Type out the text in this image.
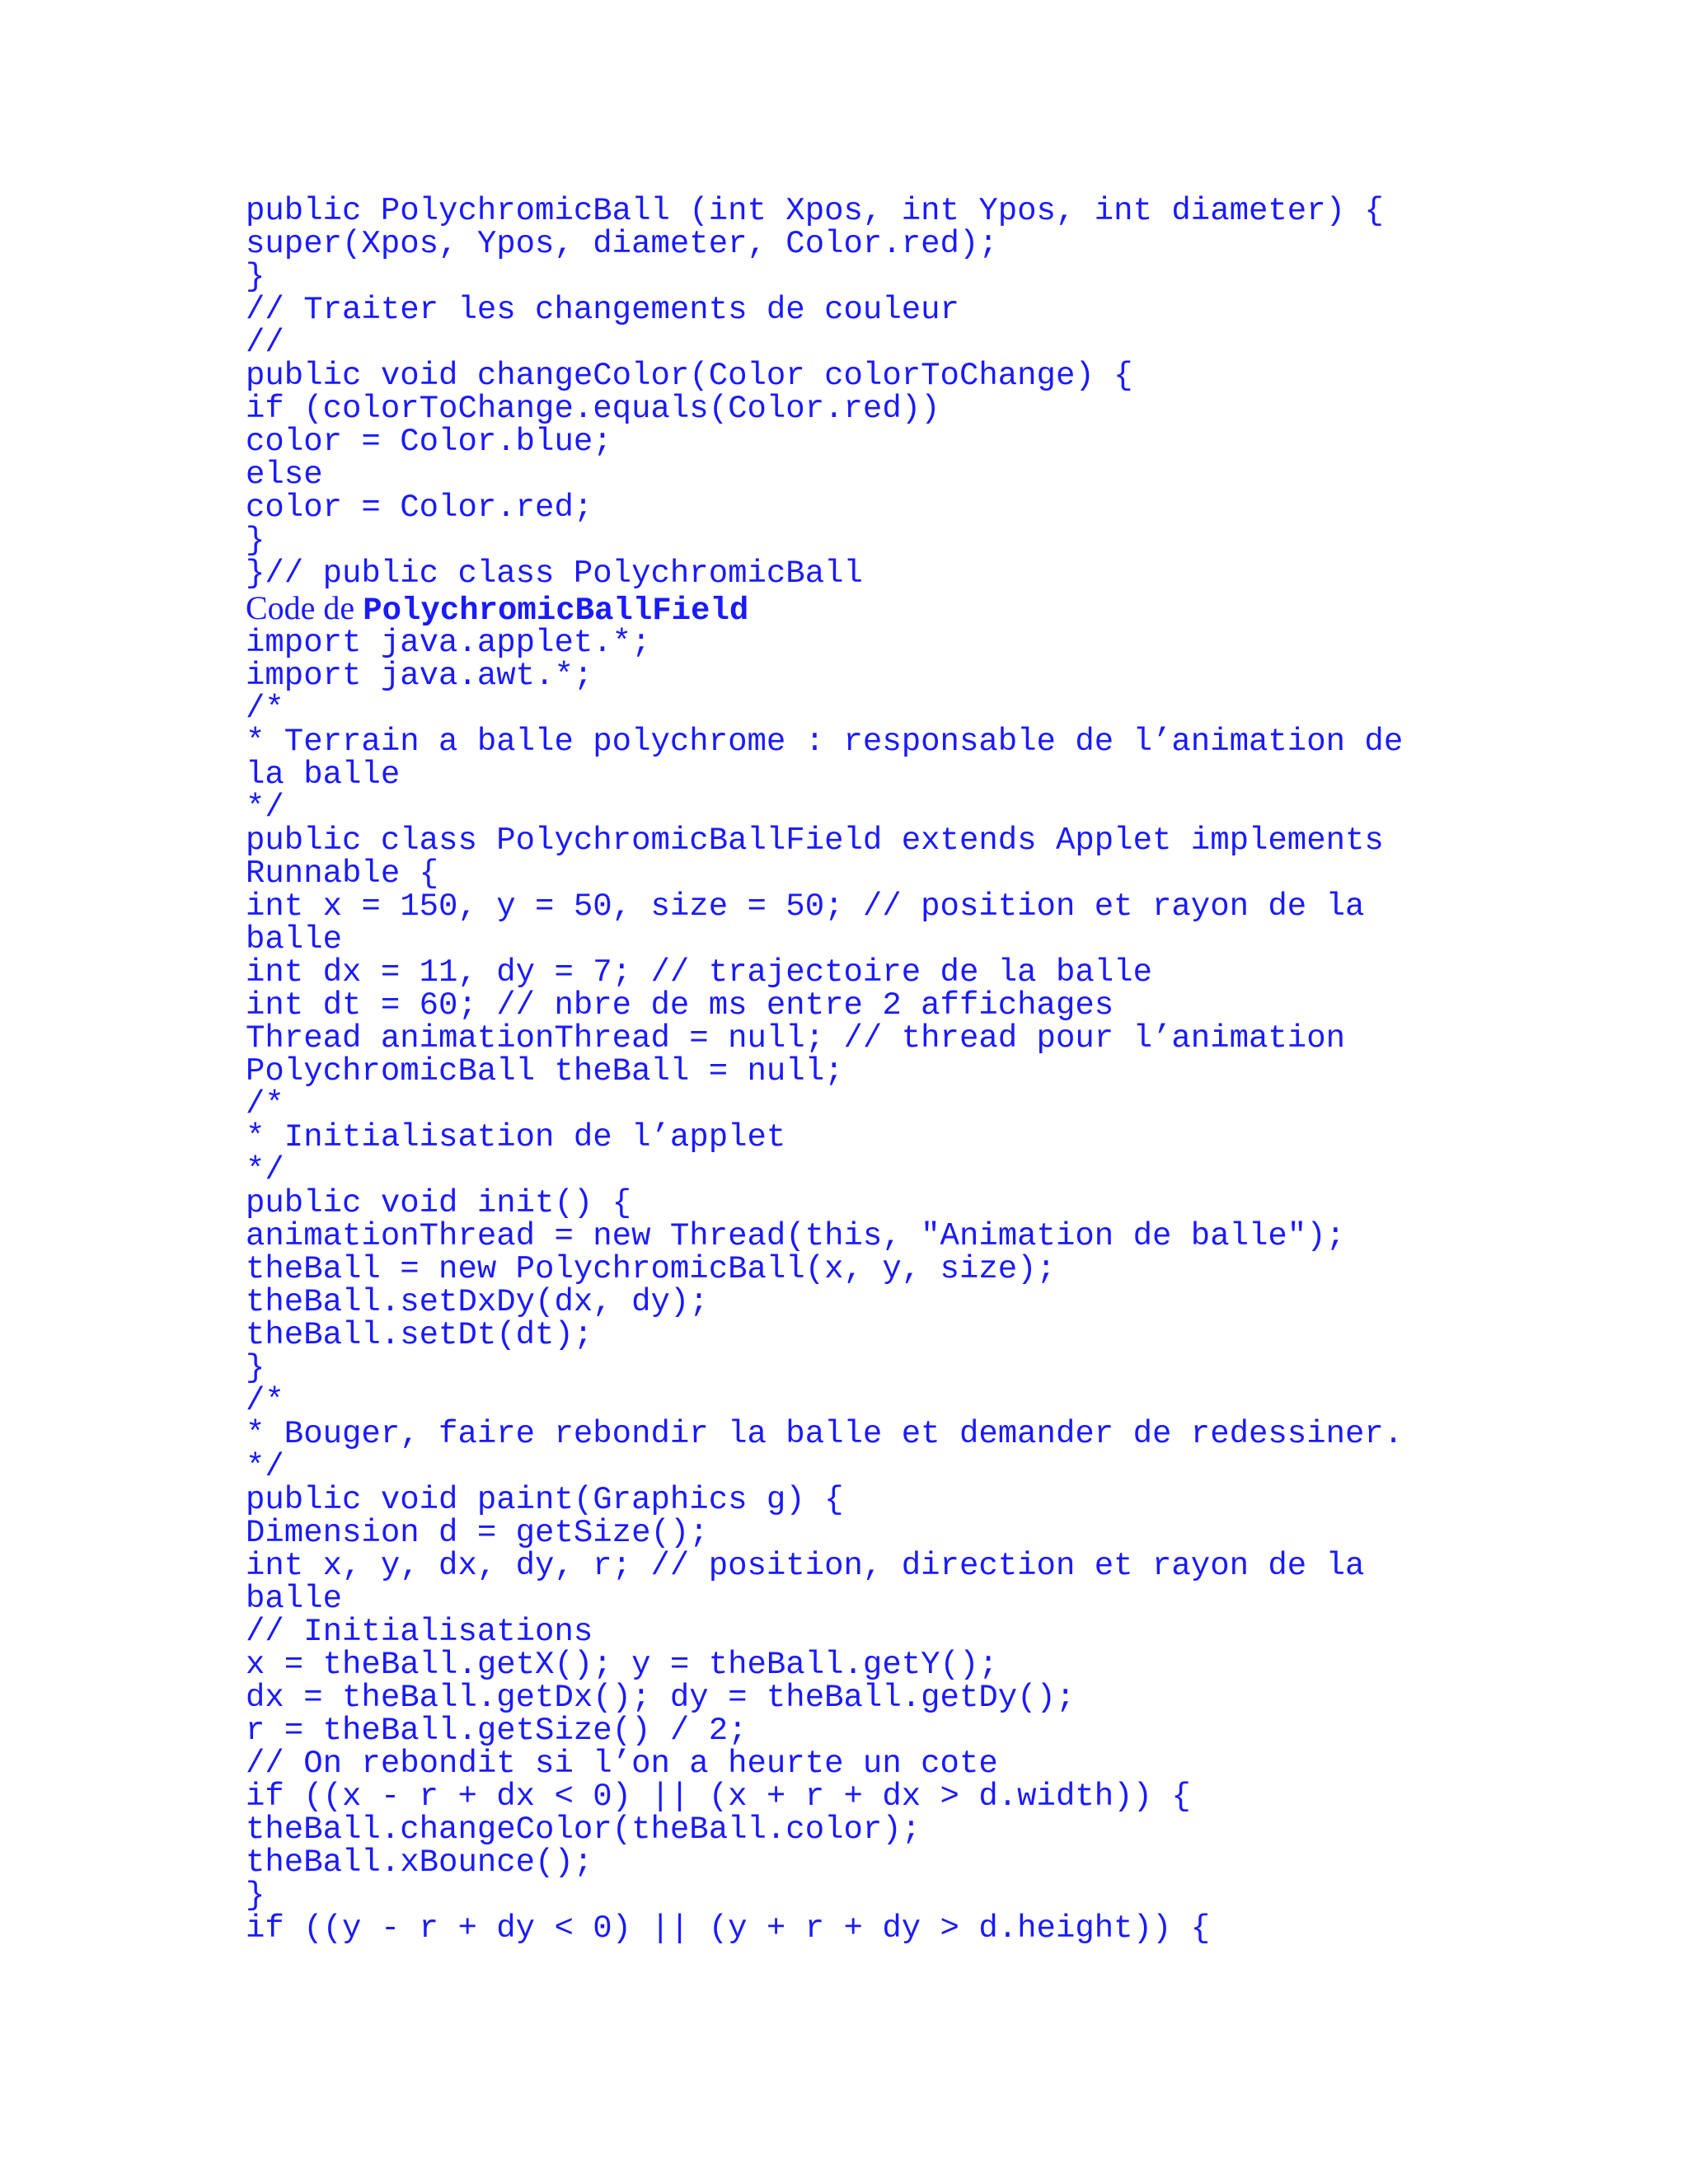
public PolychromicBall (int Xpos, int Ypos, int diameter) {
super(Xpos, Ypos, diameter, Color.red);
}
// Traiter les changements de couleur
//
public void changeColor(Color colorToChange) {
if (colorToChange.equals(Color.red))
color = Color.blue;
else
color = Color.red;
}
}// public class PolychromicBall
Code de PolychromicBallField
import java.applet.*;
import java.awt.*;
/*
* Terrain a balle polychrome : responsable de l’animation de
la balle
*/
public class PolychromicBallField extends Applet implements
Runnable {
int x = 150, y = 50, size = 50; // position et rayon de la
balle
int dx = 11, dy = 7; // trajectoire de la balle
int dt = 60; // nbre de ms entre 2 affichages
Thread animationThread = null; // thread pour l’animation
PolychromicBall theBall = null;
/*
* Initialisation de l’applet
*/
public void init() {
animationThread = new Thread(this, "Animation de balle");
theBall = new PolychromicBall(x, y, size);
theBall.setDxDy(dx, dy);
theBall.setDt(dt);
}
/*
* Bouger, faire rebondir la balle et demander de redessiner.
*/
public void paint(Graphics g) {
Dimension d = getSize();
int x, y, dx, dy, r; // position, direction et rayon de la
balle
// Initialisations
x = theBall.getX(); y = theBall.getY();
dx = theBall.getDx(); dy = theBall.getDy();
r = theBall.getSize() / 2;
// On rebondit si l’on a heurte un cote
if ((x - r + dx < 0) || (x + r + dx > d.width)) {
theBall.changeColor(theBall.color);
theBall.xBounce();
}
if ((y - r + dy < 0) || (y + r + dy > d.height)) {
